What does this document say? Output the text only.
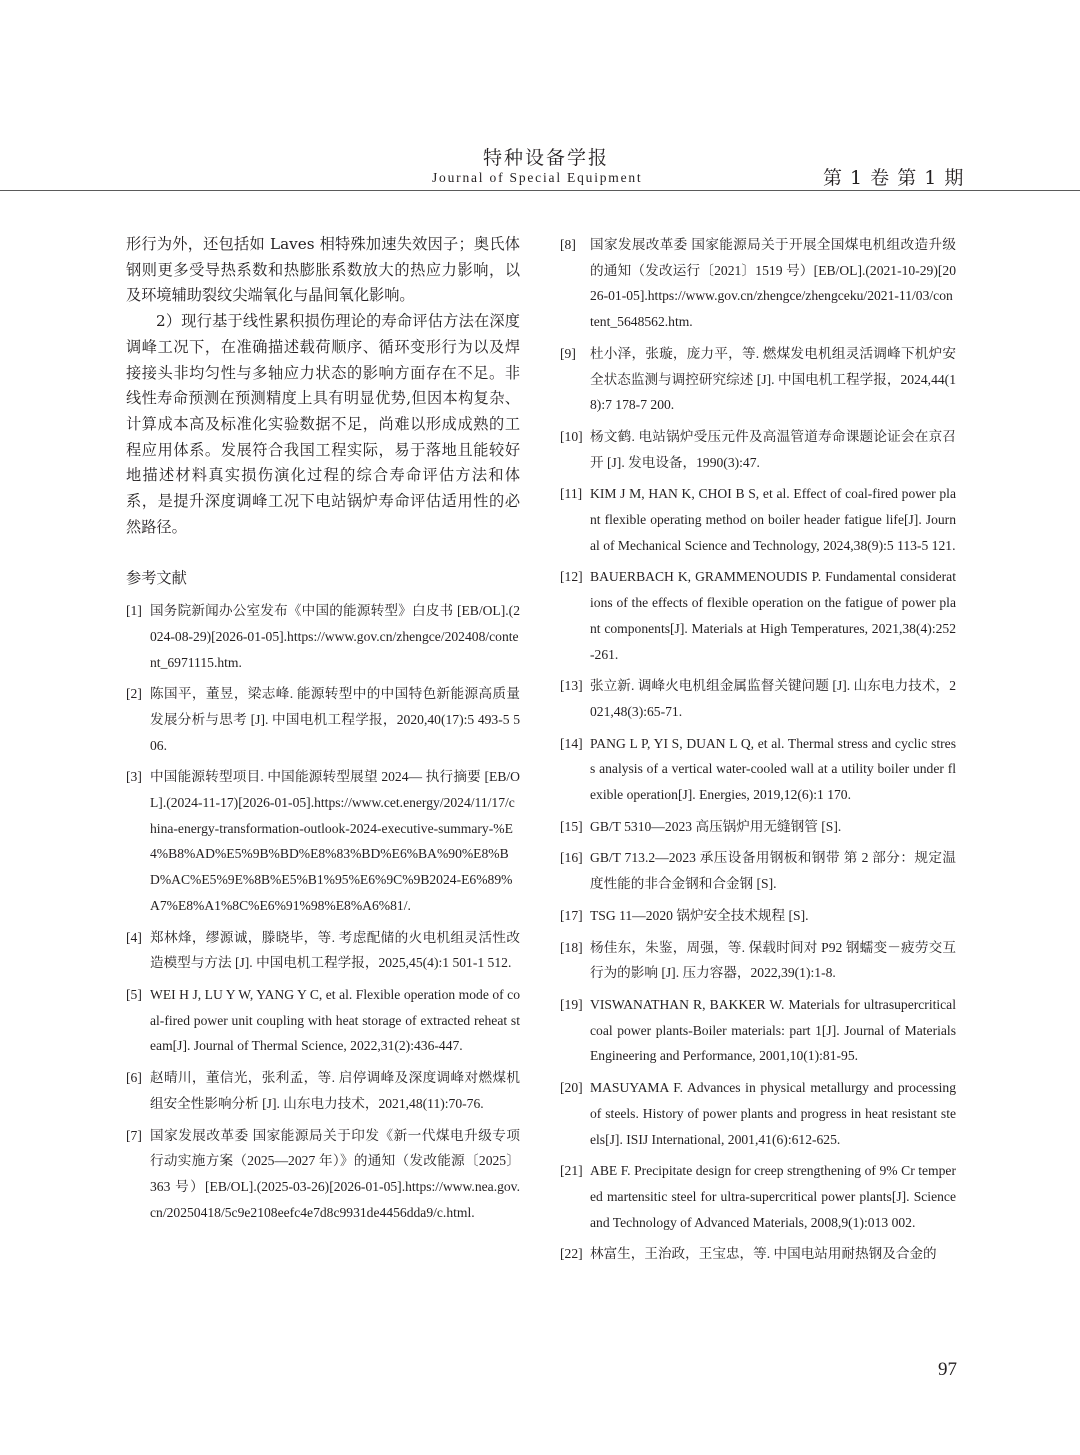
特种设备学报
Journal of Special Equipment	第 1 卷 第 1 期

形行为外，还包括如 Laves 相特殊加速失效因子；奥氏体钢则更多受导热系数和热膨胀系数放大的热应力影响，以及环境辅助裂纹尖端氧化与晶间氧化影响。

2）现行基于线性累积损伤理论的寿命评估方法在深度调峰工况下，在准确描述载荷顺序、循环变形行为以及焊接接头非均匀性与多轴应力状态的影响方面存在不足。非线性寿命预测在预测精度上具有明显优势,但因本构复杂、计算成本高及标准化实验数据不足，尚难以形成成熟的工程应用体系。发展符合我国工程实际，易于落地且能较好地描述材料真实损伤演化过程的综合寿命评估方法和体系，是提升深度调峰工况下电站锅炉寿命评估适用性的必然路径。

参考文献
[1] 国务院新闻办公室发布《中国的能源转型》白皮书 [EB/OL].(2024-08-29)[2026-01-05].https://www.gov.cn/zhengce/202408/content_6971115.htm.
[2] 陈国平，董昱，梁志峰. 能源转型中的中国特色新能源高质量发展分析与思考 [J]. 中国电机工程学报，2020,40(17):5 493-5 506.
[3] 中国能源转型项目. 中国能源转型展望 2024— 执行摘要 [EB/OL].(2024-11-17)[2026-01-05].https://www.cet.energy/2024/11/17/china-energy-transformation-outlook-2024-executive-summary-%E4%B8%AD%E5%9B%BD%E8%83%BD%E6%BA%90%E8%BD%AC%E5%9E%8B%E5%B1%95%E6%9C%9B2024-E6%89%A7%E8%A1%8C%E6%91%98%E8%A6%81/.
[4] 郑林烽，缪源诚，滕晓毕，等. 考虑配储的火电机组灵活性改造模型与方法 [J]. 中国电机工程学报，2025,45(4):1 501-1 512.
[5] WEI H J, LU Y W, YANG Y C, et al. Flexible operation mode of coal-fired power unit coupling with heat storage of extracted reheat steam[J]. Journal of Thermal Science, 2022,31(2):436-447.
[6] 赵晴川，董信光，张利孟，等. 启停调峰及深度调峰对燃煤机组安全性影响分析 [J]. 山东电力技术，2021,48(11):70-76.
[7] 国家发展改革委 国家能源局关于印发《新一代煤电升级专项行动实施方案（2025—2027 年）》的通知（发改能源〔2025〕363 号）[EB/OL].(2025-03-26)[2026-01-05].https://www.nea.gov.cn/20250418/5c9e2108eefc4e7d8c9931de4456dda9/c.html.
[8]	国家发展改革委 国家能源局关于开展全国煤电机组改造升级的通知（发改运行〔2021〕1519 号）[EB/OL].(2021-10-29)[2026-01-05].https://www.gov.cn/zhengce/zhengceku/2021-11/03/content_5648562.htm.
[9]	杜小泽，张璇，庞力平，等. 燃煤发电机组灵活调峰下机炉安全状态监测与调控研究综述 [J]. 中国电机工程学报，2024,44(18):7 178-7 200.
[10] 杨文鹤. 电站锅炉受压元件及高温管道寿命课题论证会在京召开 [J]. 发电设备，1990(3):47.
[11] KIM J M, HAN K, CHOI B S, et al. Effect of coal-fired power plant flexible operating method on boiler header fatigue life[J]. Journal of Mechanical Science and Technology, 2024,38(9):5 113-5 121.
[12] BAUERBACH K, GRAMMENOUDIS P. Fundamental considerations of the effects of flexible operation on the fatigue of power plant components[J]. Materials at High Temperatures, 2021,38(4):252-261.
[13] 张立新. 调峰火电机组金属监督关键问题 [J]. 山东电力技术，2021,48(3):65-71.
[14] PANG L P, YI S, DUAN L Q, et al. Thermal stress and cyclic stress analysis of a vertical water-cooled wall at a utility boiler under flexible operation[J]. Energies, 2019,12(6):1 170.
[15] GB/T 5310—2023 高压锅炉用无缝钢管 [S].
[16] GB/T 713.2—2023 承压设备用钢板和钢带 第 2 部分：规定温度性能的非合金钢和合金钢 [S].
[17] TSG 11—2020 锅炉安全技术规程 [S].
[18] 杨佳东，朱鉴，周强，等. 保载时间对 P92 钢蠕变－疲劳交互行为的影响 [J]. 压力容器，2022,39(1):1-8.
[19] VISWANATHAN R, BAKKER W. Materials for ultrasupercritical coal power plants-Boiler materials: part 1[J]. Journal of Materials Engineering and Performance, 2001,10(1):81-95.
[20] MASUYAMA F. Advances in physical metallurgy and processing of steels. History of power plants and progress in heat resistant steels[J]. ISIJ International, 2001,41(6):612-625.
[21] ABE F. Precipitate design for creep strengthening of 9% Cr tempered martensitic steel for ultra-supercritical power plants[J]. Science and Technology of Advanced Materials, 2008,9(1):013 002.
[22] 林富生，王治政，王宝忠，等. 中国电站用耐热钢及合金的
97
